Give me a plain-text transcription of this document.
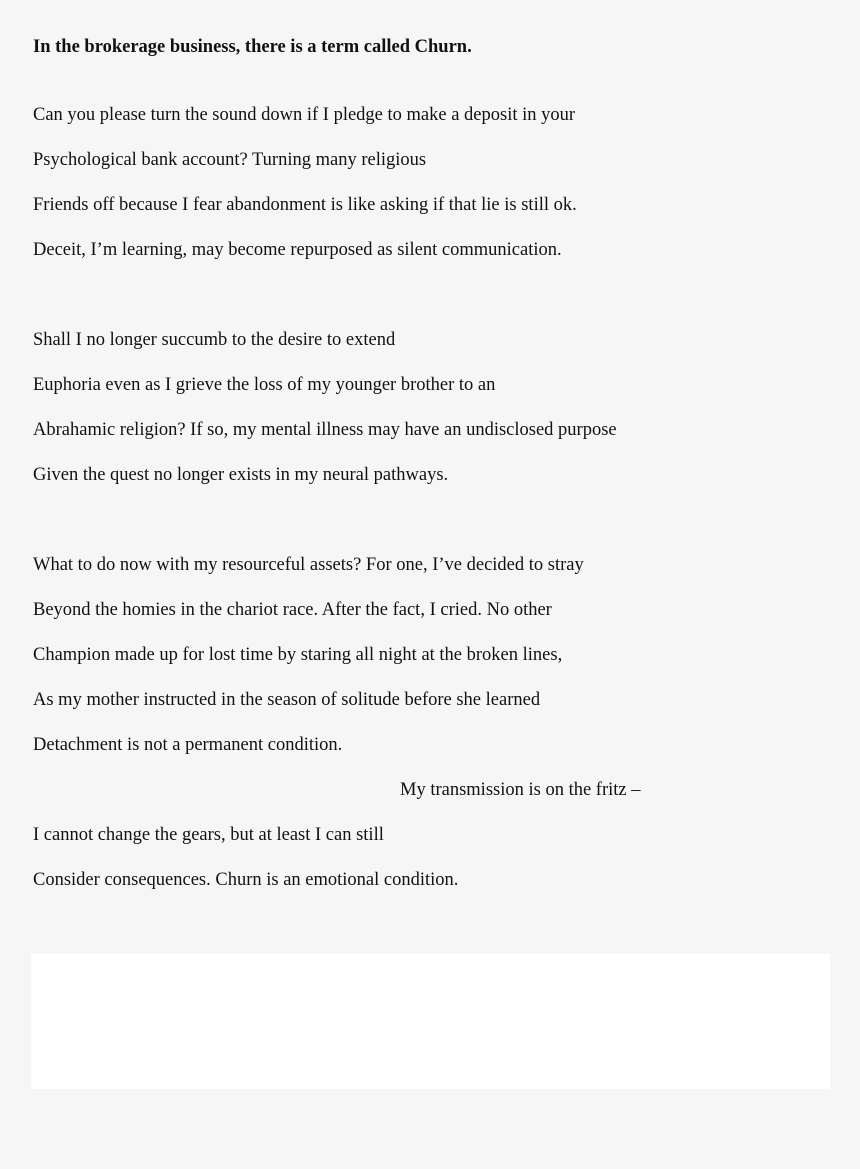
In the brokerage business, there is a term called Churn.
Can you please turn the sound down if I pledge to make a deposit in your
Psychological bank account? Turning many religious
Friends off because I fear abandonment is like asking if that lie is still ok.
Deceit, I’m learning, may become repurposed as silent communication.
Shall I no longer succumb to the desire to extend
Euphoria even as I grieve the loss of my younger brother to an
Abrahamic religion? If so, my mental illness may have an undisclosed purpose
Given the quest no longer exists in my neural pathways.
What to do now with my resourceful assets? For one, I’ve decided to stray
Beyond the homies in the chariot race. After the fact, I cried. No other
Champion made up for lost time by staring all night at the broken lines,
As my mother instructed in the season of solitude before she learned
Detachment is not a permanent condition.
My transmission is on the fritz –
I cannot change the gears, but at least I can still
Consider consequences. Churn is an emotional condition.
